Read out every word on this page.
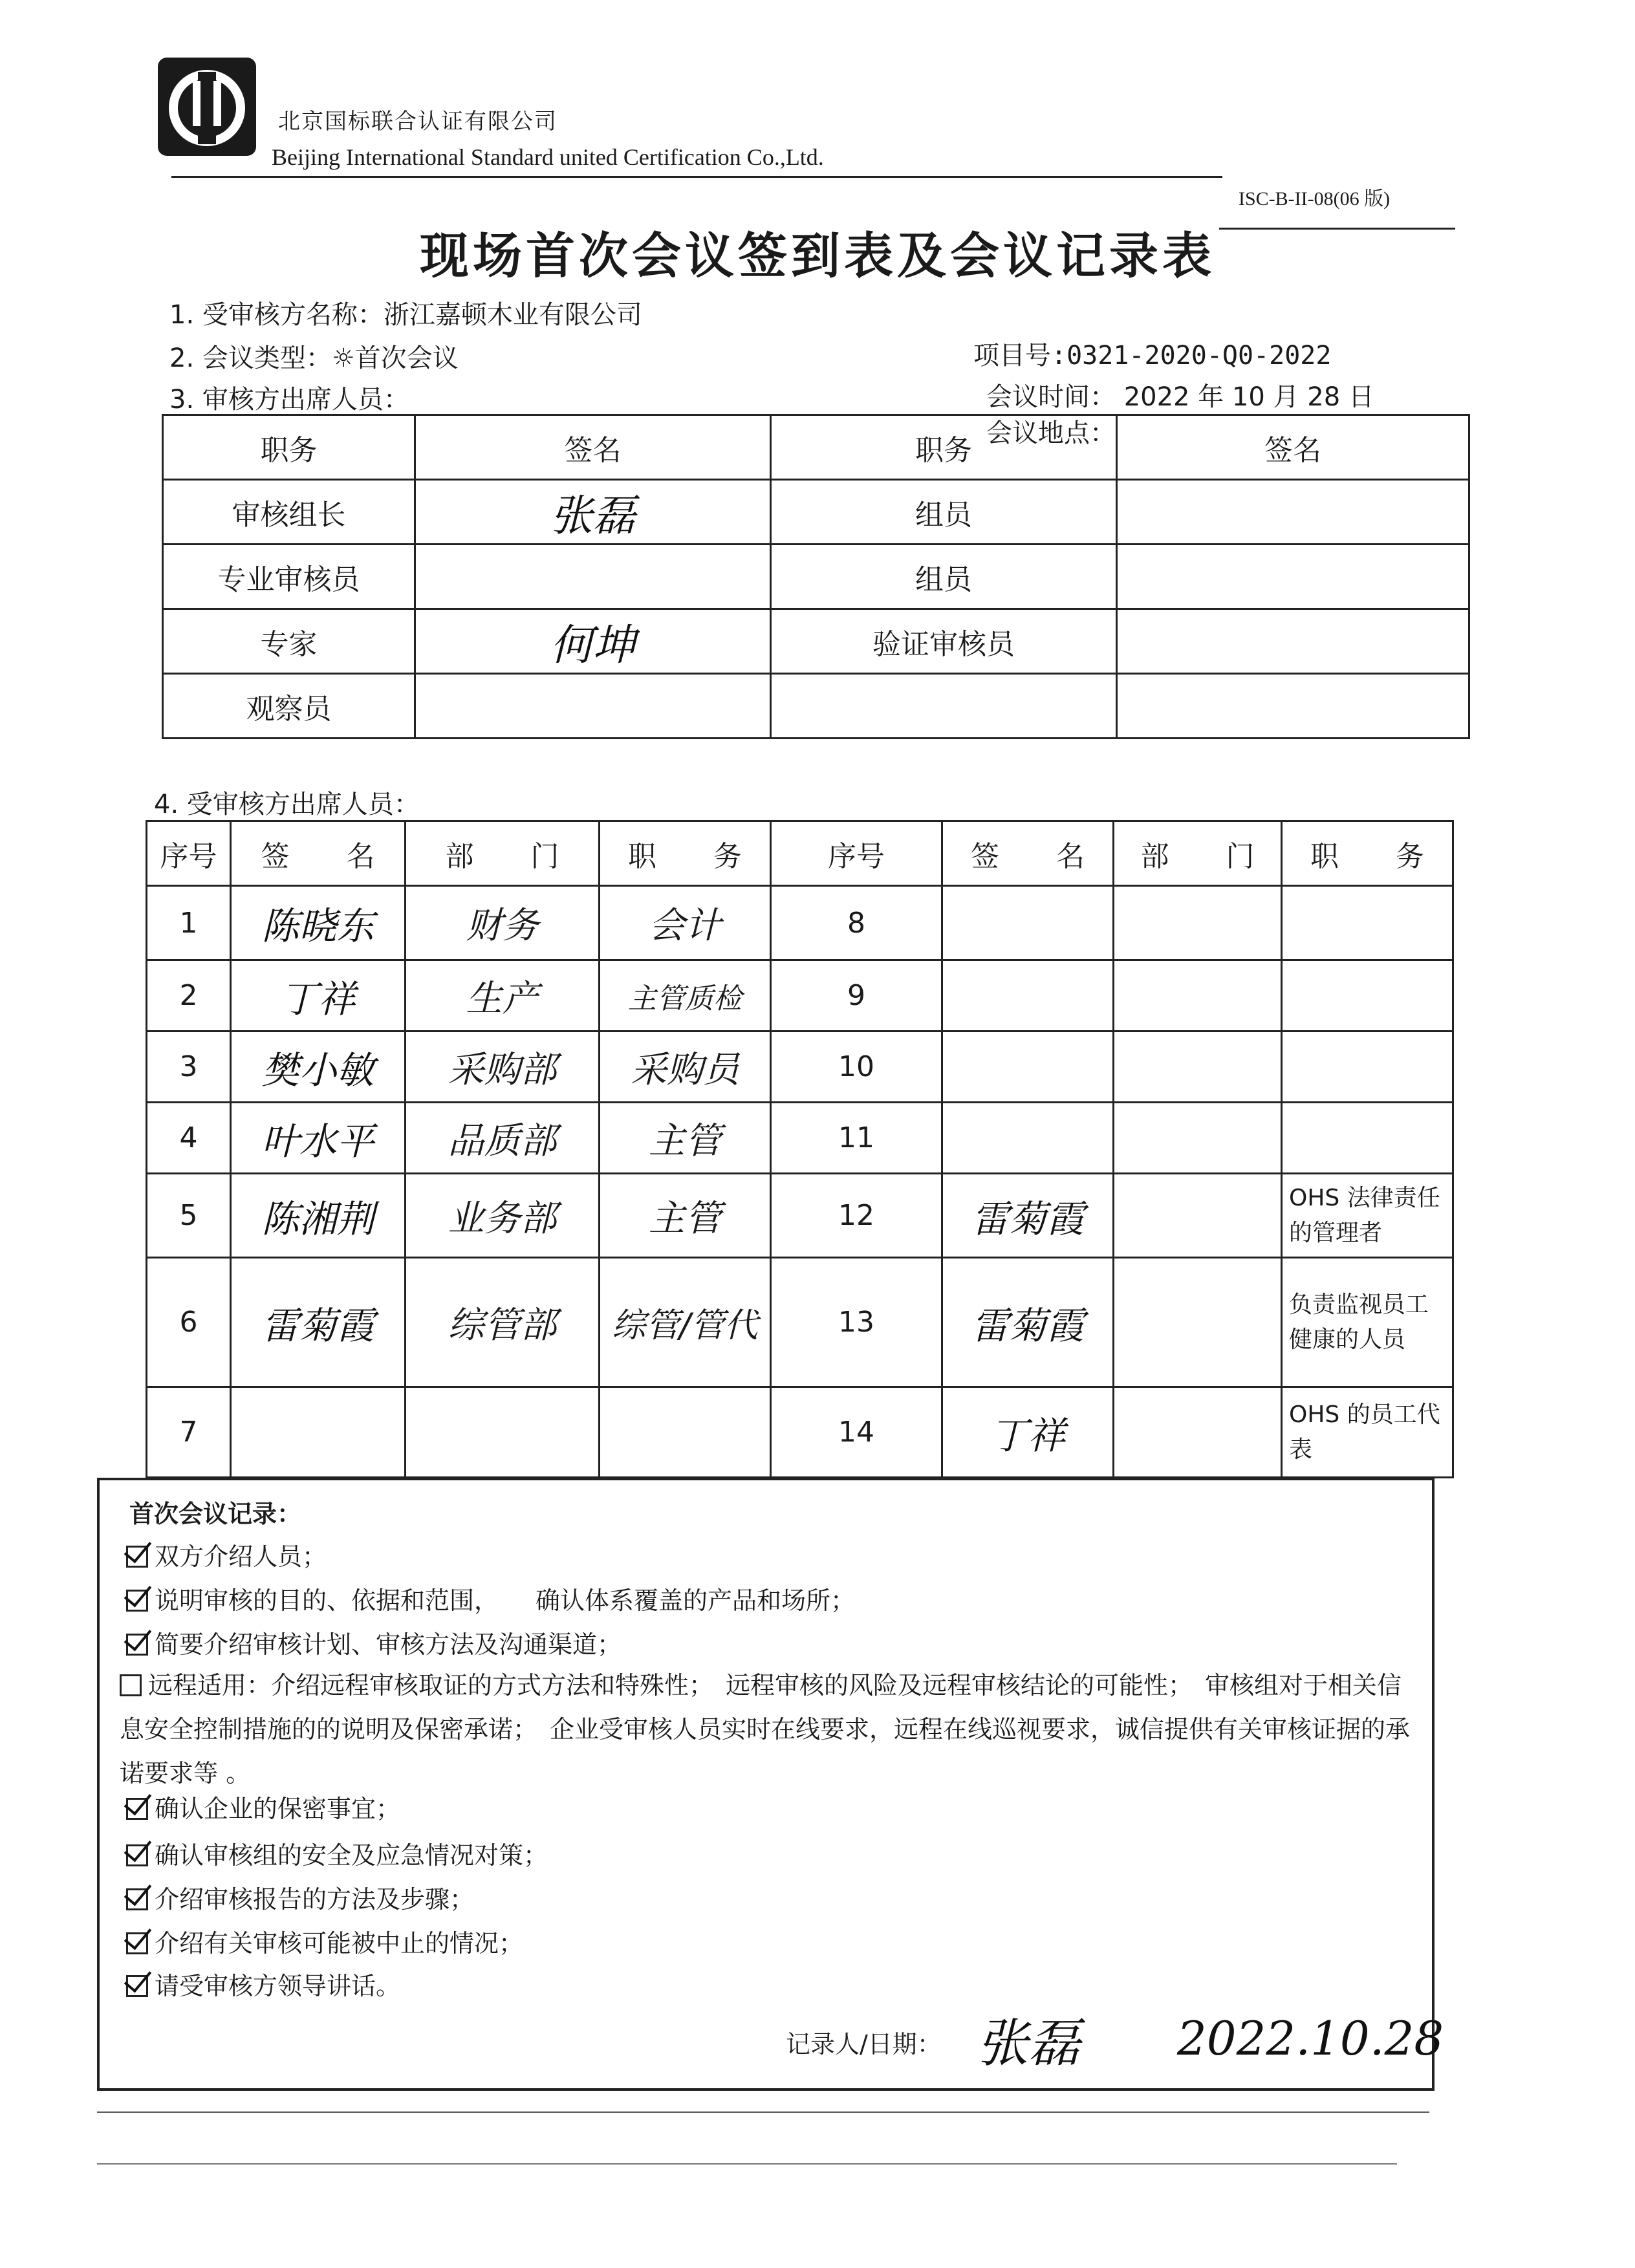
北京国标联合认证有限公司
Beijing International Standard united Certification Co.,Ltd.
ISC-B-II-08(06 版)
现场首次会议签到表及会议记录表
1. 受审核方名称：浙江嘉顿木业有限公司
2. 会议类型：☼首次会议
3. 审核方出席人员：
项目号:0321-2020-Q0-2022
会议时间： 2022 年 10 月 28 日
会议地点：
职务	签名	职务	签名
审核组长	张磊	组员	
专业审核员		组员	
专家	何坤	验证审核员	
观察员			
4. 受审核方出席人员：
序号	签　　名	部　　门	职　　务	序号	签　　名	部　　门	职　　务
1	陈晓东	财务	会计	8			
2	丁祥	生产	主管质检	9			
3	樊小敏	采购部	采购员	10			
4	叶水平	品质部	主管	11			
5	陈湘荆	业务部	主管	12	雷菊霞		OHS 法律责任的管理者
6	雷菊霞	综管部	综管/管代	13	雷菊霞		负责监视员工健康的人员
7				14	丁祥		OHS 的员工代表
首次会议记录：
双方介绍人员；
说明审核的目的、依据和范围，　　确认体系覆盖的产品和场所；
简要介绍审核计划、审核方法及沟通渠道；
远程适用：介绍远程审核取证的方式方法和特殊性；　远程审核的风险及远程审核结论的可能性；　审核组对于相关信息安全控制措施的的说明及保密承诺；　企业受审核人员实时在线要求，远程在线巡视要求，诚信提供有关审核证据的承诺要求等 。
确认企业的保密事宜；
确认审核组的安全及应急情况对策；
介绍审核报告的方法及步骤；
介绍有关审核可能被中止的情况；
请受审核方领导讲话。
记录人/日期： 张磊 2022.10.28
